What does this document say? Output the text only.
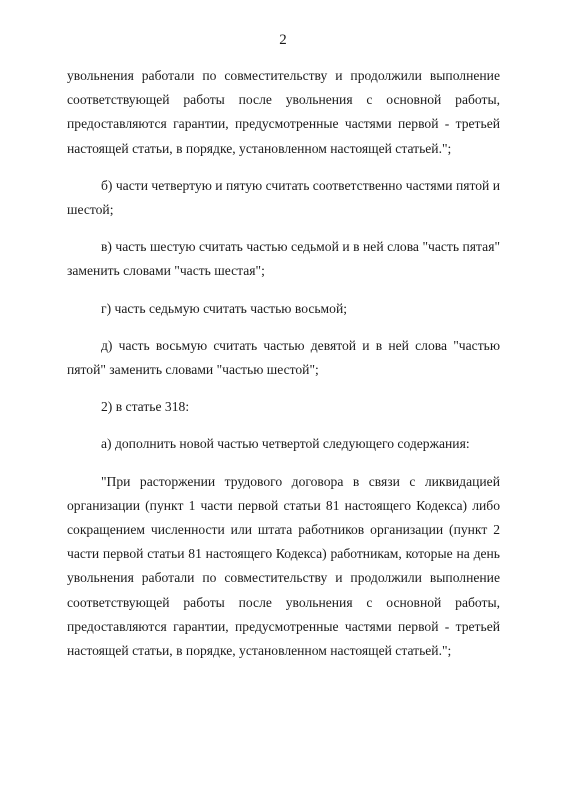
2

увольнения работали по совместительству и продолжили выполнение соответствующей работы после увольнения с основной работы, предоставляются гарантии, предусмотренные частями первой - третьей настоящей статьи, в порядке, установленном настоящей статьей.";

б) части четвертую и пятую считать соответственно частями пятой и шестой;

в) часть шестую считать частью седьмой и в ней слова "часть пятая" заменить словами "часть шестая";

г) часть седьмую считать частью восьмой;

д) часть восьмую считать частью девятой и в ней слова "частью пятой" заменить словами "частью шестой";

2) в статье 318:

а) дополнить новой частью четвертой следующего содержания:

"При расторжении трудового договора в связи с ликвидацией организации (пункт 1 части первой статьи 81 настоящего Кодекса) либо сокращением численности или штата работников организации (пункт 2 части первой статьи 81 настоящего Кодекса) работникам, которые на день увольнения работали по совместительству и продолжили выполнение соответствующей работы после увольнения с основной работы, предоставляются гарантии, предусмотренные частями первой - третьей настоящей статьи, в порядке, установленном настоящей статьей.";
